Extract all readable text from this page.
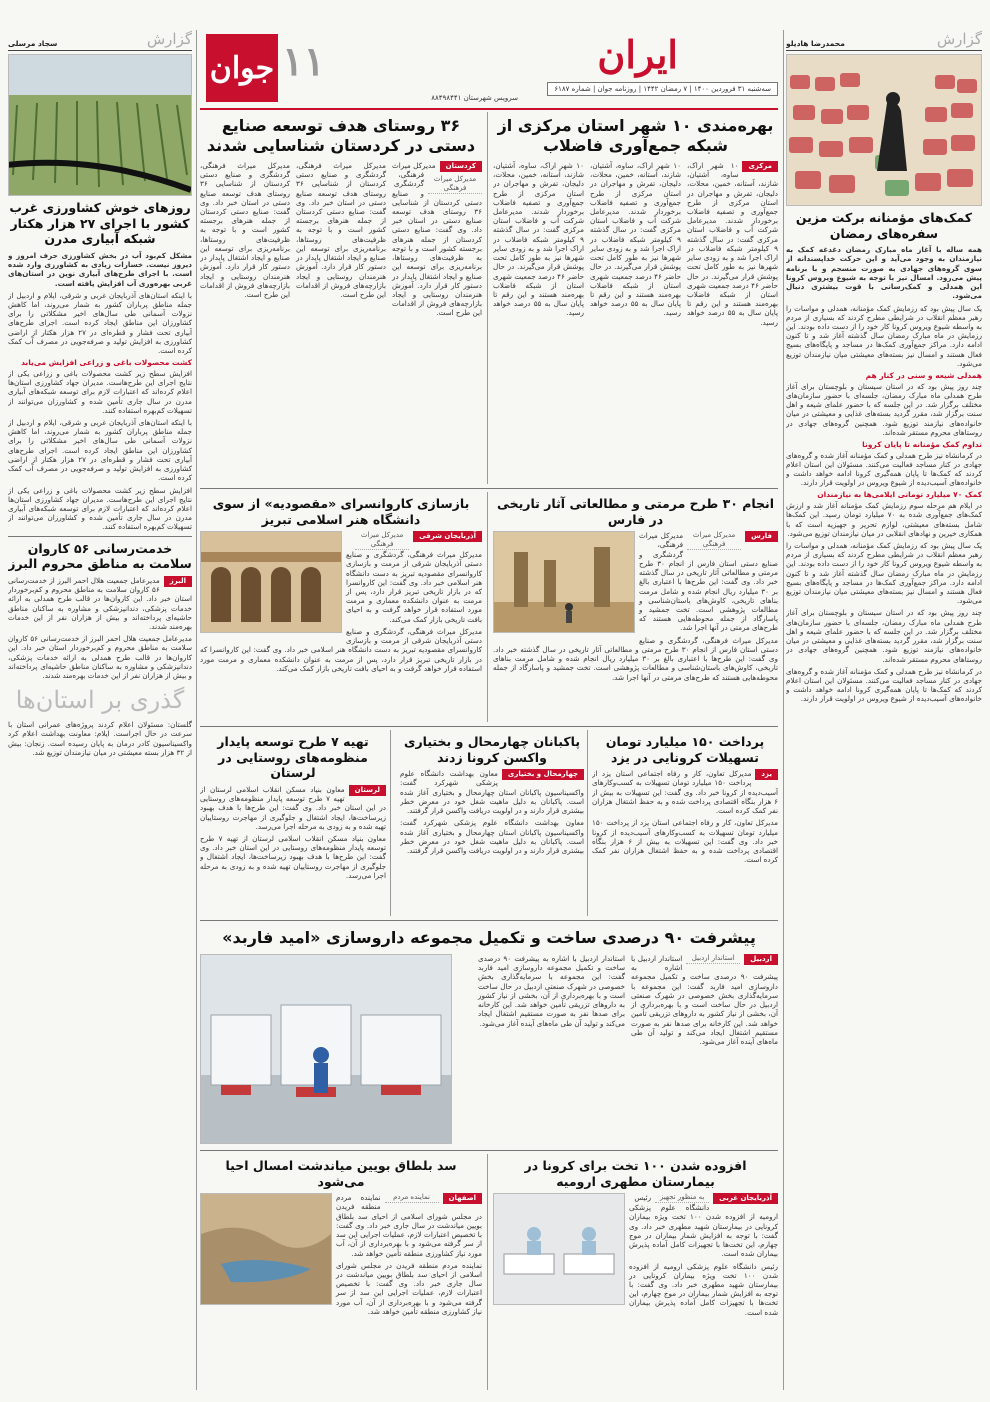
جوان ۱۱	ایران
سه‌شنبه ۳۱ فروردین ۱۴۰۰ | ۷ رمضان ۱۴۴۲ | روزنامه جوان | شماره ۶۱۸۷
سرویس شهرستان ۸۸۴۹۸۴۴۱
گزارش
محمدرضا هادیلو
کمک‌های مؤمنانه برکت مزین سفره‌های رمضان

همه ساله با آغاز ماه مبارک رمضان دغدغه کمک به نیازمندان به وجود می‌آید و این حرکت خداپسندانه از سوی گروه‌های جهادی به صورت منسجم و با برنامه پیش می‌رود. امسال نیز با توجه به شیوع ویروس کرونا این همدلی و کمک‌رسانی با قوت بیشتری دنبال می‌شود.

یک سال پیش بود که رزمایش کمک مؤمنانه، همدلی و مواسات را رهبر معظم انقلاب در شرایطی مطرح کردند که بسیاری از مردم به واسطه شیوع ویروس کرونا کار خود را از دست داده بودند. این رزمایش در ماه مبارک رمضان سال گذشته آغاز شد و تا کنون ادامه دارد. مراکز جمع‌آوری کمک‌ها در مساجد و پایگاه‌های بسیج فعال هستند و امسال نیز بسته‌های معیشتی میان نیازمندان توزیع می‌شود.

همدلی شیعه و سنی در کنار هم

چند روز پیش بود که در استان سیستان و بلوچستان برای آغاز طرح همدلی ماه مبارک رمضان، جلسه‌ای با حضور سازمان‌های مختلف برگزار شد. در این جلسه که با حضور علمای شیعه و اهل سنت برگزار شد، مقرر گردید بسته‌های غذایی و معیشتی در میان خانواده‌های نیازمند توزیع شود. همچنین گروه‌های جهادی در روستاهای محروم مستقر شده‌اند.

تداوم کمک مؤمنانه تا پایان کرونا

در کرمانشاه نیز طرح همدلی و کمک مؤمنانه آغاز شده و گروه‌های جهادی در کنار مساجد فعالیت می‌کنند. مسئولان این استان اعلام کردند که کمک‌ها تا پایان همه‌گیری کرونا ادامه خواهد داشت و خانواده‌های آسیب‌دیده از شیوع ویروس در اولویت قرار دارند.

کمک ۷۰ میلیارد تومانی ایلامی‌ها به نیازمندان

در ایلام هم مرحله سوم رزمایش کمک مؤمنانه آغاز شد و ارزش کمک‌های جمع‌آوری شده به ۷۰ میلیارد تومان رسید. این کمک‌ها شامل بسته‌های معیشتی، لوازم تحریر و جهیزیه است که با همکاری خیرین و نهادهای انقلابی در میان نیازمندان توزیع می‌شود.

یک سال پیش بود که رزمایش کمک مؤمنانه، همدلی و مواسات را رهبر معظم انقلاب در شرایطی مطرح کردند که بسیاری از مردم به واسطه شیوع ویروس کرونا کار خود را از دست داده بودند. این رزمایش در ماه مبارک رمضان سال گذشته آغاز شد و تا کنون ادامه دارد. مراکز جمع‌آوری کمک‌ها در مساجد و پایگاه‌های بسیج فعال هستند و امسال نیز بسته‌های معیشتی میان نیازمندان توزیع می‌شود.

چند روز پیش بود که در استان سیستان و بلوچستان برای آغاز طرح همدلی ماه مبارک رمضان، جلسه‌ای با حضور سازمان‌های مختلف برگزار شد. در این جلسه که با حضور علمای شیعه و اهل سنت برگزار شد، مقرر گردید بسته‌های غذایی و معیشتی در میان خانواده‌های نیازمند توزیع شود. همچنین گروه‌های جهادی در روستاهای محروم مستقر شده‌اند.

در کرمانشاه نیز طرح همدلی و کمک مؤمنانه آغاز شده و گروه‌های جهادی در کنار مساجد فعالیت می‌کنند. مسئولان این استان اعلام کردند که کمک‌ها تا پایان همه‌گیری کرونا ادامه خواهد داشت و خانواده‌های آسیب‌دیده از شیوع ویروس در اولویت قرار دارند.

گزارش
سجاد مرسلی
روزهای خوش کشاورزی غرب کشور با اجرای ۲۷ هزار هکتار شبکه آبیاری مدرن

مشکل کم‌بود آب در بخش کشاورزی حرف امروز و دیروز نیست. خسارات زیادی به کشاورزی وارد شده است. با اجرای طرح‌های آبیاری نوین در استان‌های غربی بهره‌وری آب افزایش یافته است.

با اینکه استان‌های آذربایجان غربی و شرقی، ایلام و اردبیل از جمله مناطق پرباران کشور به شمار می‌روند، اما کاهش نزولات آسمانی طی سال‌های اخیر مشکلاتی را برای کشاورزان این مناطق ایجاد کرده است. اجرای طرح‌های آبیاری تحت فشار و قطره‌ای در ۲۷ هزار هکتار از اراضی کشاورزی به افزایش تولید و صرفه‌جویی در مصرف آب کمک کرده است.

کشت محصولات باغی و زراعی افزایش می‌یابد

افزایش سطح زیر کشت محصولات باغی و زراعی یکی از نتایج اجرای این طرح‌هاست. مدیران جهاد کشاورزی استان‌ها اعلام کرده‌اند که اعتبارات لازم برای توسعه شبکه‌های آبیاری مدرن در سال جاری تأمین شده و کشاورزان می‌توانند از تسهیلات کم‌بهره استفاده کنند.

با اینکه استان‌های آذربایجان غربی و شرقی، ایلام و اردبیل از جمله مناطق پرباران کشور به شمار می‌روند، اما کاهش نزولات آسمانی طی سال‌های اخیر مشکلاتی را برای کشاورزان این مناطق ایجاد کرده است. اجرای طرح‌های آبیاری تحت فشار و قطره‌ای در ۲۷ هزار هکتار از اراضی کشاورزی به افزایش تولید و صرفه‌جویی در مصرف آب کمک کرده است.

افزایش سطح زیر کشت محصولات باغی و زراعی یکی از نتایج اجرای این طرح‌هاست. مدیران جهاد کشاورزی استان‌ها اعلام کرده‌اند که اعتبارات لازم برای توسعه شبکه‌های آبیاری مدرن در سال جاری تأمین شده و کشاورزان می‌توانند از تسهیلات کم‌بهره استفاده کنند.

خدمت‌رسانی ۵۶ کاروان سلامت به مناطق محروم البرز
البرز

مدیرعامل جمعیت هلال احمر البرز از خدمت‌رسانی ۵۶ کاروان سلامت به مناطق محروم و کم‌برخوردار استان خبر داد. این کاروان‌ها در قالب طرح همدلی به ارائه خدمات پزشکی، دندانپزشکی و مشاوره به ساکنان مناطق حاشیه‌ای پرداخته‌اند و بیش از هزاران نفر از این خدمات بهره‌مند شدند.

مدیرعامل جمعیت هلال احمر البرز از خدمت‌رسانی ۵۶ کاروان سلامت به مناطق محروم و کم‌برخوردار استان خبر داد. این کاروان‌ها در قالب طرح همدلی به ارائه خدمات پزشکی، دندانپزشکی و مشاوره به ساکنان مناطق حاشیه‌ای پرداخته‌اند و بیش از هزاران نفر از این خدمات بهره‌مند شدند.

گذری بر استان‌ها

گلستان: مسئولان اعلام کردند پروژه‌های عمرانی استان با سرعت در حال اجراست. ایلام: معاونت بهداشت اعلام کرد واکسیناسیون کادر درمان به پایان رسیده است. زنجان: بیش از ۳۲ هزار بسته معیشتی در میان نیازمندان توزیع شد.

بهره‌مندی ۱۰ شهر استان مرکزی از شبکه جمع‌آوری فاضلاب
مرکزی

۱۰ شهر اراک، ساوه، آشتیان، شازند، آستانه، خمین، محلات، دلیجان، تفرش و مهاجران در استان مرکزی از طرح جمع‌آوری و تصفیه فاضلاب برخوردار شدند. مدیرعامل شرکت آب و فاضلاب استان مرکزی گفت: در سال گذشته ۹ کیلومتر شبکه فاضلاب در اراک اجرا شد و به زودی سایر شهرها نیز به طور کامل تحت پوشش قرار می‌گیرند. در حال حاضر ۴۶ درصد جمعیت شهری استان از شبکه فاضلاب بهره‌مند هستند و این رقم تا پایان سال به ۵۵ درصد خواهد رسید.

۱۰ شهر اراک، ساوه، آشتیان، شازند، آستانه، خمین، محلات، دلیجان، تفرش و مهاجران در استان مرکزی از طرح جمع‌آوری و تصفیه فاضلاب برخوردار شدند. مدیرعامل شرکت آب و فاضلاب استان مرکزی گفت: در سال گذشته ۹ کیلومتر شبکه فاضلاب در اراک اجرا شد و به زودی سایر شهرها نیز به طور کامل تحت پوشش قرار می‌گیرند. در حال حاضر ۴۶ درصد جمعیت شهری استان از شبکه فاضلاب بهره‌مند هستند و این رقم تا پایان سال به ۵۵ درصد خواهد رسید.

۱۰ شهر اراک، ساوه، آشتیان، شازند، آستانه، خمین، محلات، دلیجان، تفرش و مهاجران در استان مرکزی از طرح جمع‌آوری و تصفیه فاضلاب برخوردار شدند. مدیرعامل شرکت آب و فاضلاب استان مرکزی گفت: در سال گذشته ۹ کیلومتر شبکه فاضلاب در اراک اجرا شد و به زودی سایر شهرها نیز به طور کامل تحت پوشش قرار می‌گیرند. در حال حاضر ۴۶ درصد جمعیت شهری استان از شبکه فاضلاب بهره‌مند هستند و این رقم تا پایان سال به ۵۵ درصد خواهد رسید.

۳۶ روستای هدف توسعه صنایع دستی در کردستان شناسایی شدند
کردستان
مدیرکل میراث فرهنگی

مدیرکل میراث فرهنگی، گردشگری و صنایع دستی کردستان از شناسایی ۳۶ روستای هدف توسعه صنایع دستی در استان خبر داد. وی گفت: صنایع دستی کردستان از جمله هنرهای برجسته کشور است و با توجه به ظرفیت‌های روستاها، برنامه‌ریزی برای توسعه این صنایع و ایجاد اشتغال پایدار در دستور کار قرار دارد. آموزش هنرمندان روستایی و ایجاد بازارچه‌های فروش از اقدامات این طرح است.

مدیرکل میراث فرهنگی، گردشگری و صنایع دستی کردستان از شناسایی ۳۶ روستای هدف توسعه صنایع دستی در استان خبر داد. وی گفت: صنایع دستی کردستان از جمله هنرهای برجسته کشور است و با توجه به ظرفیت‌های روستاها، برنامه‌ریزی برای توسعه این صنایع و ایجاد اشتغال پایدار در دستور کار قرار دارد. آموزش هنرمندان روستایی و ایجاد بازارچه‌های فروش از اقدامات این طرح است.

مدیرکل میراث فرهنگی، گردشگری و صنایع دستی کردستان از شناسایی ۳۶ روستای هدف توسعه صنایع دستی در استان خبر داد. وی گفت: صنایع دستی کردستان از جمله هنرهای برجسته کشور است و با توجه به ظرفیت‌های روستاها، برنامه‌ریزی برای توسعه این صنایع و ایجاد اشتغال پایدار در دستور کار قرار دارد. آموزش هنرمندان روستایی و ایجاد بازارچه‌های فروش از اقدامات این طرح است.

انجام ۳۰ طرح مرمتی و مطالعاتی آثار تاریخی در فارس
فارس
مدیرکل میراث فرهنگی

مدیرکل میراث فرهنگی، گردشگری و صنایع دستی استان فارس از انجام ۳۰ طرح مرمتی و مطالعاتی آثار تاریخی در سال گذشته خبر داد. وی گفت: این طرح‌ها با اعتباری بالغ بر ۳۰ میلیارد ریال انجام شده و شامل مرمت بناهای تاریخی، کاوش‌های باستان‌شناسی و مطالعات پژوهشی است. تخت جمشید و پاسارگاد از جمله محوطه‌هایی هستند که طرح‌های مرمتی در آنها اجرا شد.

مدیرکل میراث فرهنگی، گردشگری و صنایع دستی استان فارس از انجام ۳۰ طرح مرمتی و مطالعاتی آثار تاریخی در سال گذشته خبر داد. وی گفت: این طرح‌ها با اعتباری بالغ بر ۳۰ میلیارد ریال انجام شده و شامل مرمت بناهای تاریخی، کاوش‌های باستان‌شناسی و مطالعات پژوهشی است. تخت جمشید و پاسارگاد از جمله محوطه‌هایی هستند که طرح‌های مرمتی در آنها اجرا شد.

بازسازی کاروانسرای «مقصودیه» از سوی دانشگاه هنر اسلامی تبریز
آذربایجان شرقی
مدیرکل میراث فرهنگی

مدیرکل میراث فرهنگی، گردشگری و صنایع دستی آذربایجان شرقی از مرمت و بازسازی کاروانسرای مقصودیه تبریز به دست دانشگاه هنر اسلامی خبر داد. وی گفت: این کاروانسرا که در بازار تاریخی تبریز قرار دارد، پس از مرمت به عنوان دانشکده معماری و مرمت مورد استفاده قرار خواهد گرفت و به احیای بافت تاریخی بازار کمک می‌کند.

مدیرکل میراث فرهنگی، گردشگری و صنایع دستی آذربایجان شرقی از مرمت و بازسازی کاروانسرای مقصودیه تبریز به دست دانشگاه هنر اسلامی خبر داد. وی گفت: این کاروانسرا که در بازار تاریخی تبریز قرار دارد، پس از مرمت به عنوان دانشکده معماری و مرمت مورد استفاده قرار خواهد گرفت و به احیای بافت تاریخی بازار کمک می‌کند.

پرداخت ۱۵۰ میلیارد تومان تسهیلات کرونایی در یزد
یزد

مدیرکل تعاون، کار و رفاه اجتماعی استان یزد از پرداخت ۱۵۰ میلیارد تومان تسهیلات به کسب‌وکارهای آسیب‌دیده از کرونا خبر داد. وی گفت: این تسهیلات به بیش از ۶ هزار بنگاه اقتصادی پرداخت شده و به حفظ اشتغال هزاران نفر کمک کرده است.

مدیرکل تعاون، کار و رفاه اجتماعی استان یزد از پرداخت ۱۵۰ میلیارد تومان تسهیلات به کسب‌وکارهای آسیب‌دیده از کرونا خبر داد. وی گفت: این تسهیلات به بیش از ۶ هزار بنگاه اقتصادی پرداخت شده و به حفظ اشتغال هزاران نفر کمک کرده است.

پاکبانان چهارمحال و بختیاری واکسن کرونا زدند
چهارمحال و بختیاری

معاون بهداشت دانشگاه علوم پزشکی شهرکرد گفت: واکسیناسیون پاکبانان استان چهارمحال و بختیاری آغاز شده است. پاکبانان به دلیل ماهیت شغل خود در معرض خطر بیشتری قرار دارند و در اولویت دریافت واکسن قرار گرفتند.

معاون بهداشت دانشگاه علوم پزشکی شهرکرد گفت: واکسیناسیون پاکبانان استان چهارمحال و بختیاری آغاز شده است. پاکبانان به دلیل ماهیت شغل خود در معرض خطر بیشتری قرار دارند و در اولویت دریافت واکسن قرار گرفتند.

تهیه ۷ طرح توسعه پایدار منظومه‌های روستایی در لرستان
لرستان

معاون بنیاد مسکن انقلاب اسلامی لرستان از تهیه ۷ طرح توسعه پایدار منظومه‌های روستایی در این استان خبر داد. وی گفت: این طرح‌ها با هدف بهبود زیرساخت‌ها، ایجاد اشتغال و جلوگیری از مهاجرت روستاییان تهیه شده و به زودی به مرحله اجرا می‌رسد.

معاون بنیاد مسکن انقلاب اسلامی لرستان از تهیه ۷ طرح توسعه پایدار منظومه‌های روستایی در این استان خبر داد. وی گفت: این طرح‌ها با هدف بهبود زیرساخت‌ها، ایجاد اشتغال و جلوگیری از مهاجرت روستاییان تهیه شده و به زودی به مرحله اجرا می‌رسد.

پیشرفت ۹۰ درصدی ساخت و تکمیل مجموعه داروسازی «امید فاربد»
اردبیل
استاندار اردبیل

استاندار اردبیل با اشاره به پیشرفت ۹۰ درصدی ساخت و تکمیل مجموعه داروسازی امید فاربد گفت: این مجموعه با سرمایه‌گذاری بخش خصوصی در شهرک صنعتی اردبیل در حال ساخت است و با بهره‌برداری از آن، بخشی از نیاز کشور به داروهای تزریقی تأمین خواهد شد. این کارخانه برای صدها نفر به صورت مستقیم اشتغال ایجاد می‌کند و تولید آن طی ماه‌های آینده آغاز می‌شود.

استاندار اردبیل با اشاره به پیشرفت ۹۰ درصدی ساخت و تکمیل مجموعه داروسازی امید فاربد گفت: این مجموعه با سرمایه‌گذاری بخش خصوصی در شهرک صنعتی اردبیل در حال ساخت است و با بهره‌برداری از آن، بخشی از نیاز کشور به داروهای تزریقی تأمین خواهد شد. این کارخانه برای صدها نفر به صورت مستقیم اشتغال ایجاد می‌کند و تولید آن طی ماه‌های آینده آغاز می‌شود.

افزوده شدن ۱۰۰ تخت برای کرونا در بیمارستان مطهری ارومیه
آذربایجان غربی
به منظور تجهیز

رئیس دانشگاه علوم پزشکی ارومیه از افزوده شدن ۱۰۰ تخت ویژه بیماران کرونایی در بیمارستان شهید مطهری خبر داد. وی گفت: با توجه به افزایش شمار بیماران در موج چهارم، این تخت‌ها با تجهیزات کامل آماده پذیرش بیماران شده است.

رئیس دانشگاه علوم پزشکی ارومیه از افزوده شدن ۱۰۰ تخت ویژه بیماران کرونایی در بیمارستان شهید مطهری خبر داد. وی گفت: با توجه به افزایش شمار بیماران در موج چهارم، این تخت‌ها با تجهیزات کامل آماده پذیرش بیماران شده است.

سد بلطاق بویین میاندشت امسال احیا می‌شود
اصفهان
نماینده مردم

نماینده مردم منطقه فریدن در مجلس شورای اسلامی از احیای سد بلطاق بویین میاندشت در سال جاری خبر داد. وی گفت: با تخصیص اعتبارات لازم، عملیات اجرایی این سد از سر گرفته می‌شود و با بهره‌برداری از آن، آب مورد نیاز کشاورزی منطقه تأمین خواهد شد.

نماینده مردم منطقه فریدن در مجلس شورای اسلامی از احیای سد بلطاق بویین میاندشت در سال جاری خبر داد. وی گفت: با تخصیص اعتبارات لازم، عملیات اجرایی این سد از سر گرفته می‌شود و با بهره‌برداری از آن، آب مورد نیاز کشاورزی منطقه تأمین خواهد شد.
